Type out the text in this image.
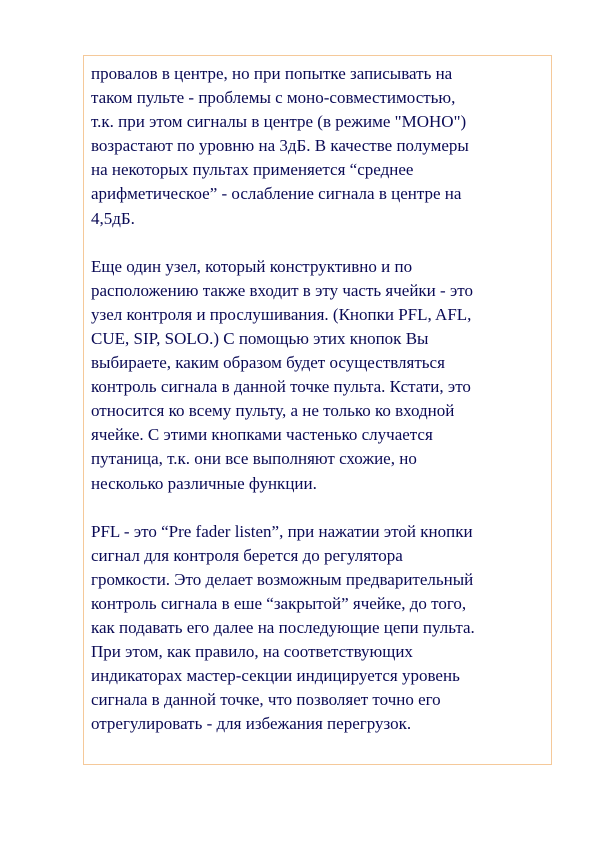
провалов в центре, но при попытке записывать на
таком пульте - проблемы с моно-совместимостью,
т.к. при этом сигналы в центре (в режиме "МОНО")
возрастают по уровню на 3дБ. В качестве полумеры
на некоторых пультах применяется “среднее
арифметическое” - ослабление сигнала в центре на
4,5дБ.

Еще один узел, который конструктивно и по
расположению также входит в эту часть ячейки - это
узел контроля и прослушивания. (Кнопки PFL, AFL,
CUE, SIP, SOLO.) С помощью этих кнопок Вы
выбираете, каким образом будет осуществляться
контроль сигнала в данной точке пульта. Кстати, это
относится ко всему пульту, а не только ко входной
ячейке. С этими кнопками частенько случается
путаница, т.к. они все выполняют схожие, но
несколько различные функции.

PFL - это “Pre fader listen”, при нажатии этой кнопки
сигнал для контроля берется до регулятора
громкости. Это делает возможным предварительный
контроль сигнала в еше “закрытой” ячейке, до того,
как подавать его далее на последующие цепи пульта.
При этом, как правило, на соответствующих
индикаторах мастер-секции индицируется уровень
сигнала в данной точке, что позволяет точно его
отрегулировать - для избежания перегрузок.
